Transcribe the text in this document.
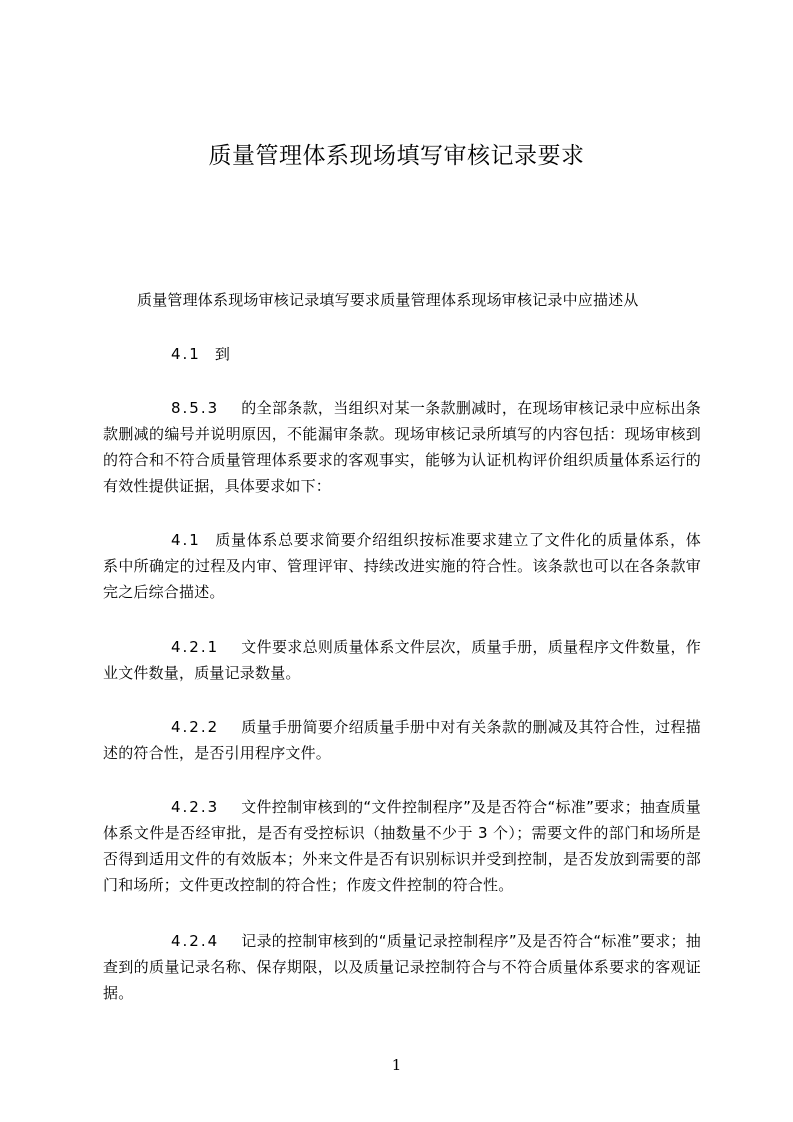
质量管理体系现场填写审核记录要求

质量管理体系现场审核记录填写要求质量管理体系现场审核记录中应描述从

4.1 到

8.5.3 的全部条款，当组织对某一条款删减时，在现场审核记录中应标出条款删减的编号并说明原因，不能漏审条款。现场审核记录所填写的内容包括：现场审核到的符合和不符合质量管理体系要求的客观事实，能够为认证机构评价组织质量体系运行的有效性提供证据，具体要求如下：

4.1 质量体系总要求简要介绍组织按标准要求建立了文件化的质量体系，体系中所确定的过程及内审、管理评审、持续改进实施的符合性。该条款也可以在各条款审完之后综合描述。

4.2.1 文件要求总则质量体系文件层次，质量手册，质量程序文件数量，作业文件数量，质量记录数量。

4.2.2 质量手册简要介绍质量手册中对有关条款的删减及其符合性，过程描述的符合性，是否引用程序文件。

4.2.3 文件控制审核到的“文件控制程序”及是否符合“标准”要求；抽查质量体系文件是否经审批，是否有受控标识（抽数量不少于 3 个）；需要文件的部门和场所是否得到适用文件的有效版本；外来文件是否有识别标识并受到控制，是否发放到需要的部门和场所；文件更改控制的符合性；作废文件控制的符合性。

4.2.4 记录的控制审核到的“质量记录控制程序”及是否符合“标准”要求；抽查到的质量记录名称、保存期限，以及质量记录控制符合与不符合质量体系要求的客观证据。

1
